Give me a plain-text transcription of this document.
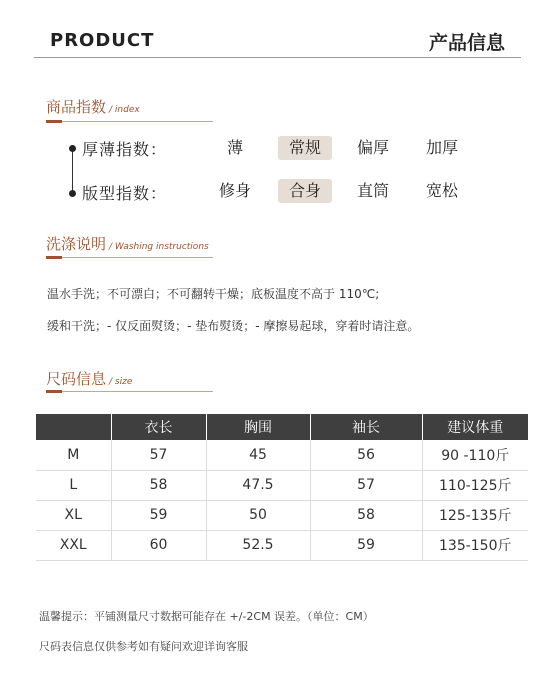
PRODUCT	产品信息
商品指数 / index
厚薄指数：	薄	常规	偏厚	加厚
版型指数：	修身	合身	直筒	宽松
洗涤说明 / Washing instructions
温水手洗；不可漂白；不可翻转干燥；底板温度不高于 110℃;
缓和干洗；- 仅反面熨烫；- 垫布熨烫；- 摩擦易起球，穿着时请注意。
尺码信息 / size
	衣长	胸围	袖长	建议体重
M	57	45	56	90 -110斤
L	58	47.5	57	110-125斤
XL	59	50	58	125-135斤
XXL	60	52.5	59	135-150斤
温馨提示：平铺测量尺寸数据可能存在 +/-2CM 误差。（单位：CM）
尺码表信息仅供参考如有疑问欢迎详询客服
